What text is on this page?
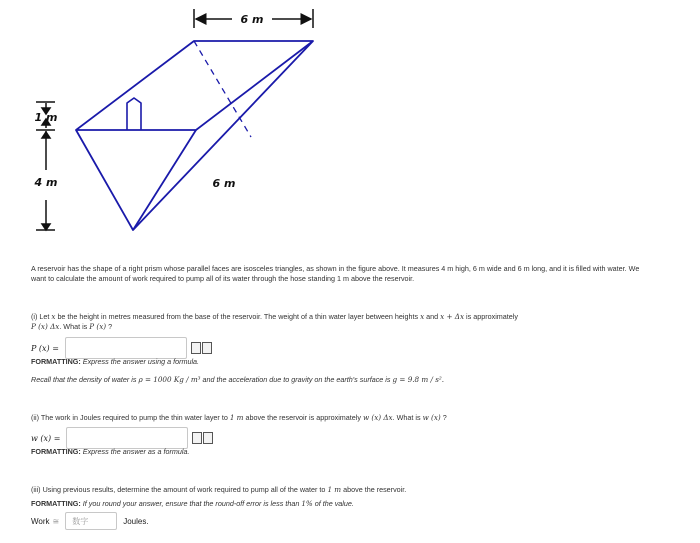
6 m
1 m
4 m	6 m
A reservoir has the shape of a right prism whose parallel faces are isosceles triangles, as shown in the figure above. It measures 4 m high, 6 m wide and 6 m long, and it is filled with water. We want to calculate the amount of work required to pump all of its water through the hose standing 1 m above the reservoir.
(i) Let x be the height in metres measured from the base of the reservoir. The weight of a thin water layer between heights x and x + Δx is approximately
P (x) Δx. What is P (x) ?
P (x) =
FORMATTING: Express the answer using a formula.
Recall that the density of water is ρ = 1000 Kg / m³ and the acceleration due to gravity on the earth's surface is g = 9.8 m / s².
(ii) The work in Joules required to pump the thin water layer to 1 m above the reservoir is approximately w (x) Δx. What is w (x) ?
w (x) =
FORMATTING: Express the answer as a formula.
(iii) Using previous results, determine the amount of work required to pump all of the water to 1 m above the reservoir.
FORMATTING: If you round your answer, ensure that the round-off error is less than 1% of the value.
Work ≅ 数字	Joules.
